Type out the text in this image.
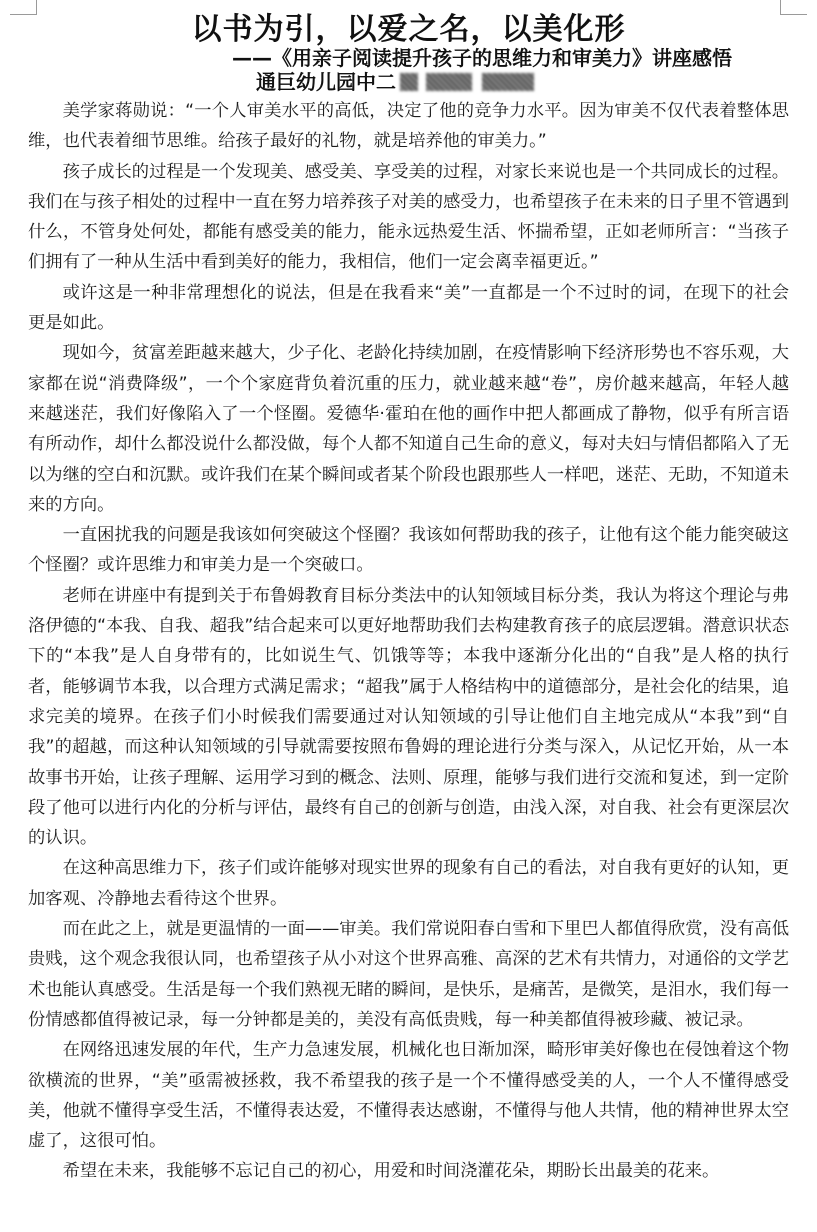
以书为引，以爱之名，以美化形
——《用亲子阅读提升孩子的思维力和审美力》讲座感悟
通巨幼儿园中二

美学家蒋勋说：“一个人审美水平的高低，决定了他的竞争力水平。因为审美不仅代表着整体思维，也代表着细节思维。给孩子最好的礼物，就是培养他的审美力。”

孩子成长的过程是一个发现美、感受美、享受美的过程，对家长来说也是一个共同成长的过程。我们在与孩子相处的过程中一直在努力培养孩子对美的感受力，也希望孩子在未来的日子里不管遇到什么，不管身处何处，都能有感受美的能力，能永远热爱生活、怀揣希望，正如老师所言：“当孩子们拥有了一种从生活中看到美好的能力，我相信，他们一定会离幸福更近。”

或许这是一种非常理想化的说法，但是在我看来“美”一直都是一个不过时的词，在现下的社会更是如此。

现如今，贫富差距越来越大，少子化、老龄化持续加剧，在疫情影响下经济形势也不容乐观，大家都在说“消费降级”，一个个家庭背负着沉重的压力，就业越来越“卷”，房价越来越高，年轻人越来越迷茫，我们好像陷入了一个怪圈。爱德华·霍珀在他的画作中把人都画成了静物，似乎有所言语有所动作，却什么都没说什么都没做，每个人都不知道自己生命的意义，每对夫妇与情侣都陷入了无以为继的空白和沉默。或许我们在某个瞬间或者某个阶段也跟那些人一样吧，迷茫、无助，不知道未来的方向。

一直困扰我的问题是我该如何突破这个怪圈？我该如何帮助我的孩子，让他有这个能力能突破这个怪圈？或许思维力和审美力是一个突破口。

老师在讲座中有提到关于布鲁姆教育目标分类法中的认知领域目标分类，我认为将这个理论与弗洛伊德的“本我、自我、超我”结合起来可以更好地帮助我们去构建教育孩子的底层逻辑。潜意识状态下的“本我”是人自身带有的，比如说生气、饥饿等等；本我中逐渐分化出的“自我”是人格的执行者，能够调节本我，以合理方式满足需求；“超我”属于人格结构中的道德部分，是社会化的结果，追求完美的境界。在孩子们小时候我们需要通过对认知领域的引导让他们自主地完成从“本我”到“自我”的超越，而这种认知领域的引导就需要按照布鲁姆的理论进行分类与深入，从记忆开始，从一本故事书开始，让孩子理解、运用学习到的概念、法则、原理，能够与我们进行交流和复述，到一定阶段了他可以进行内化的分析与评估，最终有自己的创新与创造，由浅入深，对自我、社会有更深层次的认识。

在这种高思维力下，孩子们或许能够对现实世界的现象有自己的看法，对自我有更好的认知，更加客观、冷静地去看待这个世界。

而在此之上，就是更温情的一面——审美。我们常说阳春白雪和下里巴人都值得欣赏，没有高低贵贱，这个观念我很认同，也希望孩子从小对这个世界高雅、高深的艺术有共情力，对通俗的文学艺术也能认真感受。生活是每一个我们熟视无睹的瞬间，是快乐，是痛苦，是微笑，是泪水，我们每一份情感都值得被记录，每一分钟都是美的，美没有高低贵贱，每一种美都值得被珍藏、被记录。

在网络迅速发展的年代，生产力急速发展，机械化也日渐加深，畸形审美好像也在侵蚀着这个物欲横流的世界，“美”亟需被拯救，我不希望我的孩子是一个不懂得感受美的人，一个人不懂得感受美，他就不懂得享受生活，不懂得表达爱，不懂得表达感谢，不懂得与他人共情，他的精神世界太空虚了，这很可怕。

希望在未来，我能够不忘记自己的初心，用爱和时间浇灌花朵，期盼长出最美的花来。
